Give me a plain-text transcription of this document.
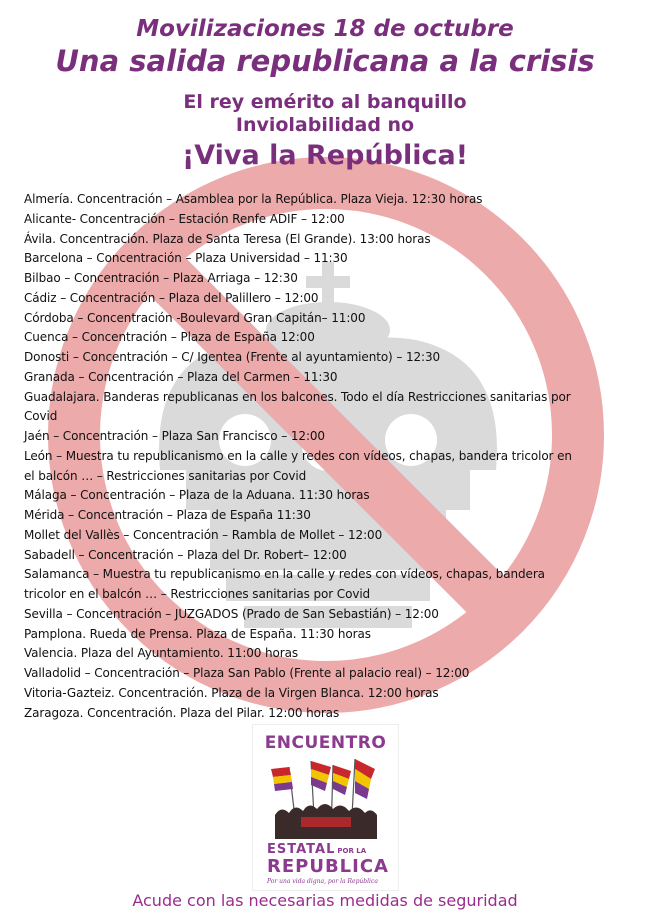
Movilizaciones 18 de octubre
Una salida republicana a la crisis
El rey emérito al banquillo
Inviolabilidad no
¡Viva la República!
Almería. Concentración – Asamblea por la República. Plaza Vieja. 12:30 horas
Alicante- Concentración – Estación Renfe ADIF – 12:00
Ávila. Concentración. Plaza de Santa Teresa (El Grande). 13:00 horas
Barcelona – Concentración – Plaza Universidad – 11:30
Bilbao – Concentración – Plaza Arriaga – 12:30
Cádiz – Concentración – Plaza del Palillero – 12:00
Córdoba – Concentración -Boulevard Gran Capitán– 11:00
Cuenca – Concentración – Plaza de España 12:00
Donosti – Concentración – C/ Igentea (Frente al ayuntamiento) – 12:30
Granada – Concentración – Plaza del Carmen – 11:30
Guadalajara. Banderas republicanas en los balcones. Todo el día Restricciones sanitarias por
Covid
Jaén – Concentración – Plaza San Francisco – 12:00
León – Muestra tu republicanismo en la calle y redes con vídeos, chapas, bandera tricolor en
el balcón … – Restricciones sanitarias por Covid
Málaga – Concentración – Plaza de la Aduana. 11:30 horas
Mérida – Concentración – Plaza de España 11:30
Mollet del Vallès – Concentración – Rambla de Mollet – 12:00
Sabadell – Concentración – Plaza del Dr. Robert– 12:00
Salamanca – Muestra tu republicanismo en la calle y redes con vídeos, chapas, bandera
tricolor en el balcón … – Restricciones sanitarias por Covid
Sevilla – Concentración – JUZGADOS (Prado de San Sebastián) – 12:00
Pamplona. Rueda de Prensa. Plaza de España. 11:30 horas
Valencia. Plaza del Ayuntamiento. 11:00 horas
Valladolid – Concentración – Plaza San Pablo (Frente al palacio real) – 12:00
Vitoria-Gazteiz. Concentración. Plaza de la Virgen Blanca. 12:00 horas
Zaragoza. Concentración. Plaza del Pilar. 12:00 horas
ENCUENTRO
ESTATAL POR LA
REPUBLICA
Por una vida digna, por la República
Acude con las necesarias medidas de seguridad
